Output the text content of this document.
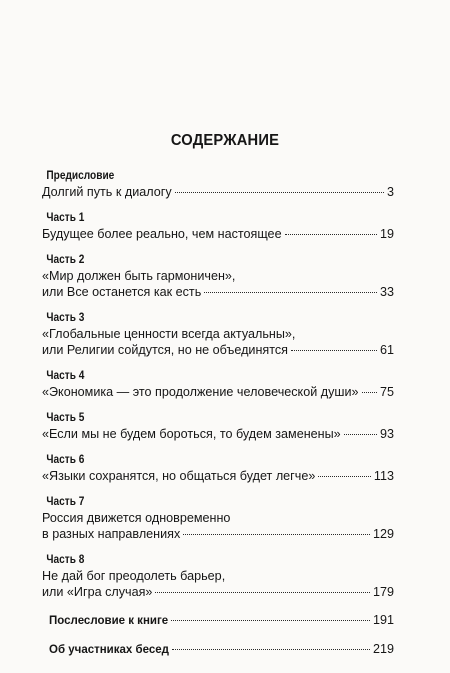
СОДЕРЖАНИЕ
Предисловие
Долгий путь к диалогу	3
Часть 1
Будущее более реально, чем настоящее	19
Часть 2
«Мир должен быть гармоничен»,
или Все останется как есть	33
Часть 3
«Глобальные ценности всегда актуальны»,
или Религии сойдутся, но не объединятся	61
Часть 4
«Экономика — это продолжение человеческой души» 75
Часть 5
«Если мы не будем бороться, то будем заменены»	93
Часть 6
«Языки сохранятся, но общаться будет легче»	113
Часть 7
Россия движется одновременно
в разных направлениях	129
Часть 8
Не дай бог преодолеть барьер,
или «Игра случая»	179
Послесловие к книге	191
Об участниках бесед	219
